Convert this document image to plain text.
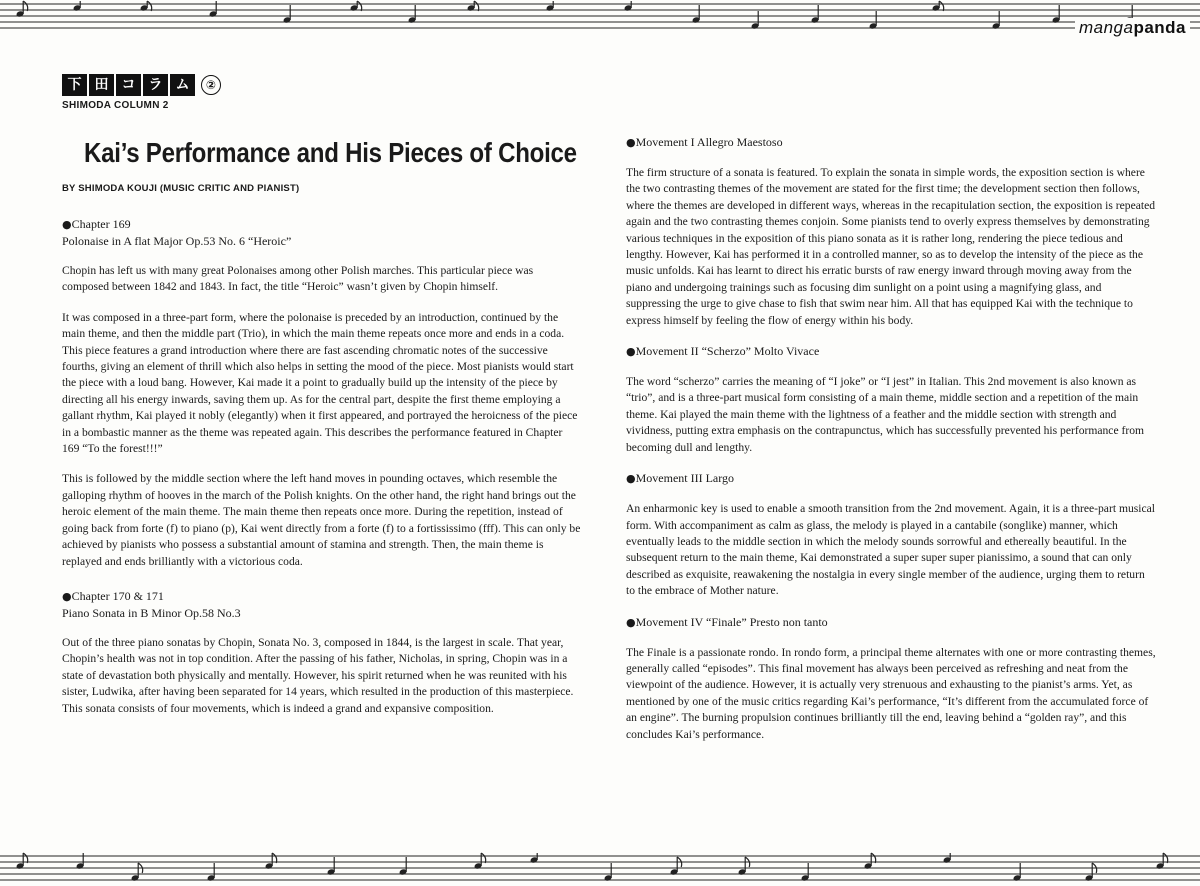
mangapanda
下 田 コ ラ ム	②
SHIMODA COLUMN 2
Kai’s Performance and His Pieces of Choice
BY SHIMODA KOUJI (MUSIC CRITIC AND PIANIST)
●Chapter 169
Polonaise in A flat Major Op.53 No. 6 “Heroic”

Chopin has left us with many great Polonaises among other Polish marches. This particular piece was composed between 1842 and 1843. In fact, the title “Heroic” wasn’t given by Chopin himself.

It was composed in a three-part form, where the polonaise is preceded by an introduction, continued by the main theme, and then the middle part (Trio), in which the main theme repeats once more and ends in a coda. This piece features a grand introduction where there are fast ascending chromatic notes of the successive fourths, giving an element of thrill which also helps in setting the mood of the piece. Most pianists would start the piece with a loud bang. However, Kai made it a point to gradually build up the intensity of the piece by directing all his energy inwards, saving them up. As for the central part, despite the first theme employing a gallant rhythm, Kai played it nobly (elegantly) when it first appeared, and portrayed the heroicness of the piece in a bombastic manner as the theme was repeated again. This describes the performance featured in Chapter 169 “To the forest!!!”

This is followed by the middle section where the left hand moves in pounding octaves, which resemble the galloping rhythm of hooves in the march of the Polish knights. On the other hand, the right hand brings out the heroic element of the main theme. The main theme then repeats once more. During the repetition, instead of going back from forte (f) to piano (p), Kai went directly from a forte (f) to a fortississimo (fff). This can only be achieved by pianists who possess a substantial amount of stamina and strength. Then, the main theme is replayed and ends brilliantly with a victorious coda.

●Chapter 170 & 171
Piano Sonata in B Minor Op.58 No.3

Out of the three piano sonatas by Chopin, Sonata No. 3, composed in 1844, is the largest in scale. That year, Chopin’s health was not in top condition. After the passing of his father, Nicholas, in spring, Chopin was in a state of devastation both physically and mentally. However, his spirit returned when he was reunited with his sister, Ludwika, after having been separated for 14 years, which resulted in the production of this masterpiece. This sonata consists of four movements, which is indeed a grand and expansive composition.

●Movement I Allegro Maestoso

The firm structure of a sonata is featured. To explain the sonata in simple words, the exposition section is where the two contrasting themes of the movement are stated for the first time; the development section then follows, where the themes are developed in different ways, whereas in the recapitulation section, the exposition is repeated again and the two contrasting themes conjoin. Some pianists tend to overly express themselves by demonstrating various techniques in the exposition of this piano sonata as it is rather long, rendering the piece tedious and lengthy. However, Kai has performed it in a controlled manner, so as to develop the intensity of the piece as the music unfolds. Kai has learnt to direct his erratic bursts of raw energy inward through moving away from the piano and undergoing trainings such as focusing dim sunlight on a point using a magnifying glass, and suppressing the urge to give chase to fish that swim near him. All that has equipped Kai with the technique to express himself by feeling the flow of energy within his body.

●Movement II “Scherzo” Molto Vivace

The word “scherzo” carries the meaning of “I joke” or “I jest” in Italian. This 2nd movement is also known as “trio”, and is a three-part musical form consisting of a main theme, middle section and a repetition of the main theme. Kai played the main theme with the lightness of a feather and the middle section with strength and vividness, putting extra emphasis on the contrapunctus, which has successfully prevented his performance from becoming dull and lengthy.

●Movement III Largo

An enharmonic key is used to enable a smooth transition from the 2nd movement. Again, it is a three-part musical form. With accompaniment as calm as glass, the melody is played in a cantabile (songlike) manner, which eventually leads to the middle section in which the melody sounds sorrowful and ethereally beautiful. In the subsequent return to the main theme, Kai demonstrated a super super super pianissimo, a sound that can only described as exquisite, reawakening the nostalgia in every single member of the audience, urging them to return to the embrace of Mother nature.

●Movement IV “Finale” Presto non tanto

The Finale is a passionate rondo. In rondo form, a principal theme alternates with one or more contrasting themes, generally called “episodes”. This final movement has always been perceived as refreshing and neat from the viewpoint of the audience. However, it is actually very strenuous and exhausting to the pianist’s arms. Yet, as mentioned by one of the music critics regarding Kai’s performance, “It’s different from the accumulated force of an engine”. The burning propulsion continues brilliantly till the end, leaving behind a “golden ray”, and this concludes Kai’s performance.
